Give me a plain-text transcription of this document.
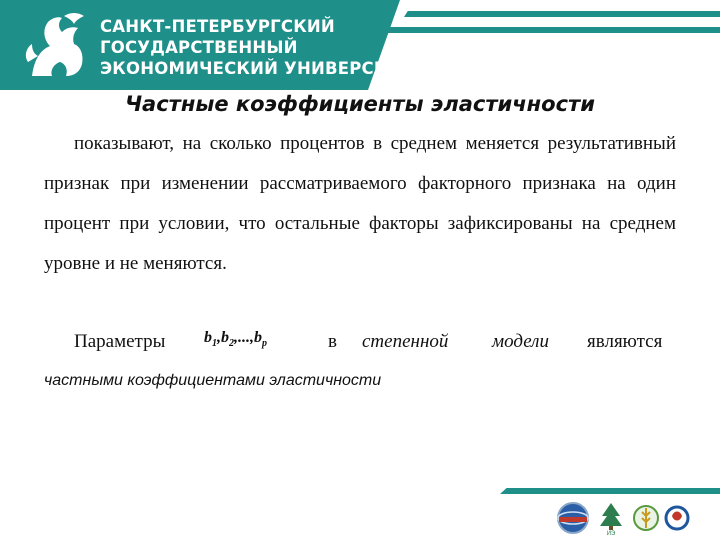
САНКТ-ПЕТЕРБУРГСКИЙ
ГОСУДАРСТВЕННЫЙ
ЭКОНОМИЧЕСКИЙ УНИВЕРСИТЕТ
Частные коэффициенты эластичности
показывают, на сколько процентов в среднем меняется результативный признак при изменении рассматриваемого факторного признака на один процент при условии, что остальные факторы зафиксированы на среднем уровне и не меняются.
Параметры $b_1,b_2,...,b_p$	в степенной модели являются
частными коэффициентами эластичности
ИЭ
